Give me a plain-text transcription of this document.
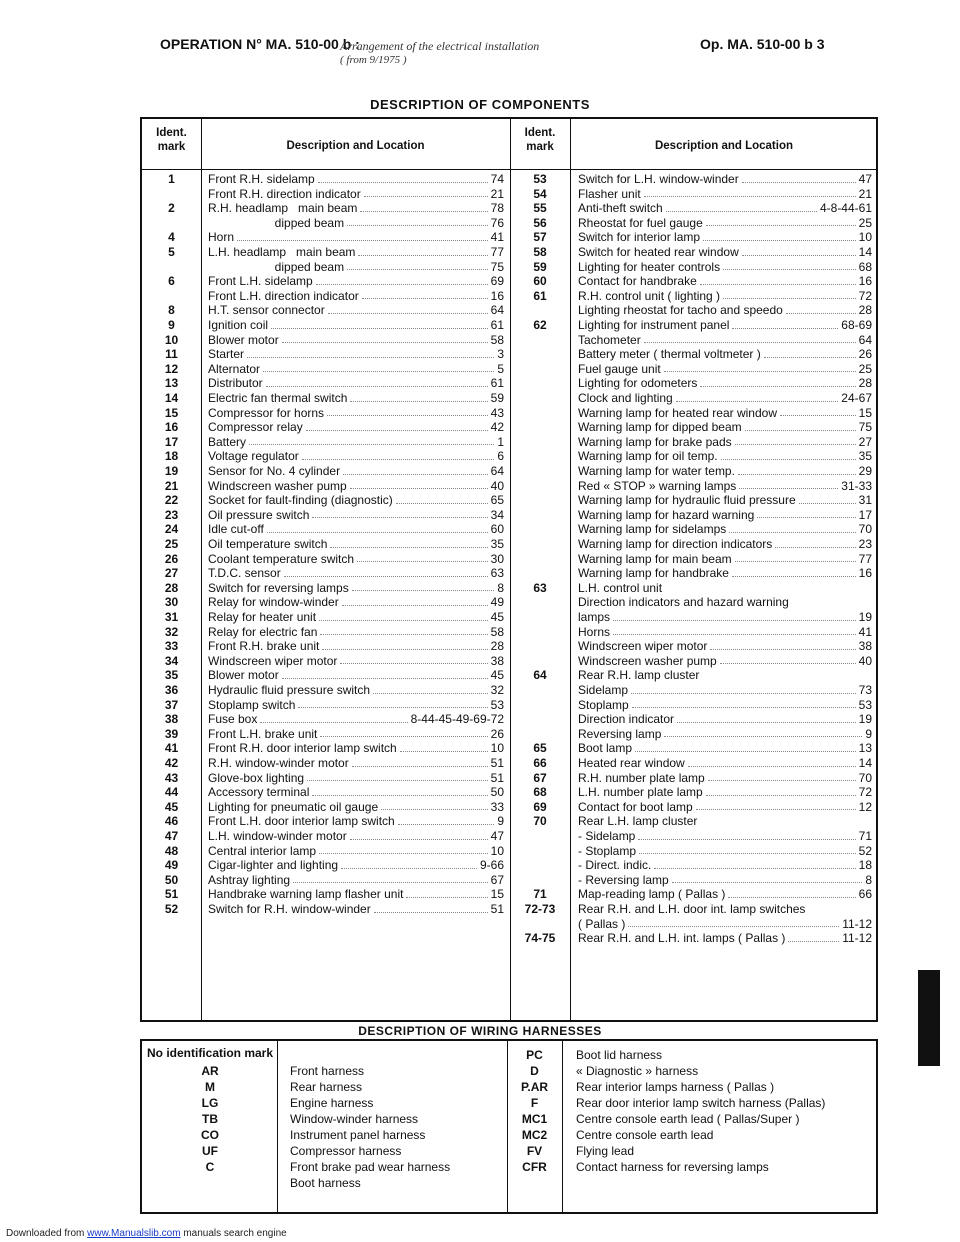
OPERATION N° MA. 510-00 b :
Arrangement of the electrical installation
( from 9/1975 )
Op. MA. 510-00 b 3
DESCRIPTION OF COMPONENTS
Ident. mark	Description and Location
Ident. mark	Description and Location
1	Front R.H. sidelamp	74
Front R.H. direction indicator	21
2	R.H. headlamp   main beam	78
dipped beam	76
4	Horn	41
5	L.H. headlamp   main beam	77
dipped beam	75
6	Front L.H. sidelamp	69
Front L.H. direction indicator	16
8	H.T. sensor connector	64
9	Ignition coil	61
10	Blower motor	58
11	Starter	3
12	Alternator	5
13	Distributor	61
14	Electric fan thermal switch	59
15	Compressor for horns	43
16	Compressor relay	42
17	Battery	1
18	Voltage regulator	6
19	Sensor for No. 4 cylinder	64
21	Windscreen washer pump	40
22	Socket for fault-finding (diagnostic)	65
23	Oil pressure switch	34
24	Idle cut-off	60
25	Oil temperature switch	35
26	Coolant temperature switch	30
27	T.D.C. sensor	63
28	Switch for reversing lamps	8
30	Relay for window-winder	49
31	Relay for heater unit	45
32	Relay for electric fan	58
33	Front R.H. brake unit	28
34	Windscreen wiper motor	38
35	Blower motor	45
36	Hydraulic fluid pressure switch	32
37	Stoplamp switch	53
38	Fuse box	8-44-45-49-69-72
39	Front L.H. brake unit	26
41	Front R.H. door interior lamp switch	10
42	R.H. window-winder motor	51
43	Glove-box lighting	51
44	Accessory terminal	50
45	Lighting for pneumatic oil gauge	33
46	Front L.H. door interior lamp switch	9
47	L.H. window-winder motor	47
48	Central interior lamp	10
49	Cigar-lighter and lighting	9-66
50	Ashtray lighting	67
51	Handbrake warning lamp flasher unit	15
52	Switch for R.H. window-winder	51
53	Switch for L.H. window-winder	47
54	Flasher unit	21
55	Anti-theft switch	4-8-44-61
56	Rheostat for fuel gauge	25
57	Switch for interior lamp	10
58	Switch for heated rear window	14
59	Lighting for heater controls	68
60	Contact for handbrake	16
61	R.H. control unit ( lighting )	72
Lighting rheostat for tacho and speedo	28
62	Lighting for instrument panel	68-69
Tachometer	64
Battery meter ( thermal voltmeter )	26
Fuel gauge unit	25
Lighting for odometers	28
Clock and lighting	24-67
Warning lamp for heated rear window	15
Warning lamp for dipped beam	75
Warning lamp for brake pads	27
Warning lamp for oil temp.	35
Warning lamp for water temp.	29
Red « STOP » warning lamps	31-33
Warning lamp for hydraulic fluid pressure	31
Warning lamp for hazard warning	17
Warning lamp for sidelamps	70
Warning lamp for direction indicators	23
Warning lamp for main beam	77
Warning lamp for handbrake	16
63	L.H. control unit
Direction indicators and hazard warning
lamps	19
Horns	41
Windscreen wiper motor	38
Windscreen washer pump	40
64	Rear R.H. lamp cluster
Sidelamp	73
Stoplamp	53
Direction indicator	19
Reversing lamp	9
65	Boot lamp	13
66	Heated rear window	14
67	R.H. number plate lamp	70
68	L.H. number plate lamp	72
69	Contact for boot lamp	12
70	Rear L.H. lamp cluster
- Sidelamp	71
- Stoplamp	52
- Direct. indic.	18
- Reversing lamp	8
71	Map-reading lamp ( Pallas )	66
72-73	Rear R.H. and L.H. door int. lamp switches
( Pallas )	11-12
74-75	Rear R.H. and L.H. int. lamps ( Pallas )	11-12
DESCRIPTION OF WIRING HARNESSES
No identification mark
AR	Front harness
M	Rear harness
LG	Engine harness
TB	Window-winder harness
CO	Instrument panel harness
UF	Compressor harness
C	Front brake pad wear harness
Boot harness
PC	Boot lid harness
D	« Diagnostic » harness
P.AR	Rear interior lamps harness ( Pallas )
F	Rear door interior lamp switch harness (Pallas)
MC1	Centre console earth lead ( Pallas/Super )
MC2	Centre console earth lead
FV	Flying lead
CFR	Contact harness for reversing lamps
Downloaded from www.Manualslib.com manuals search engine
